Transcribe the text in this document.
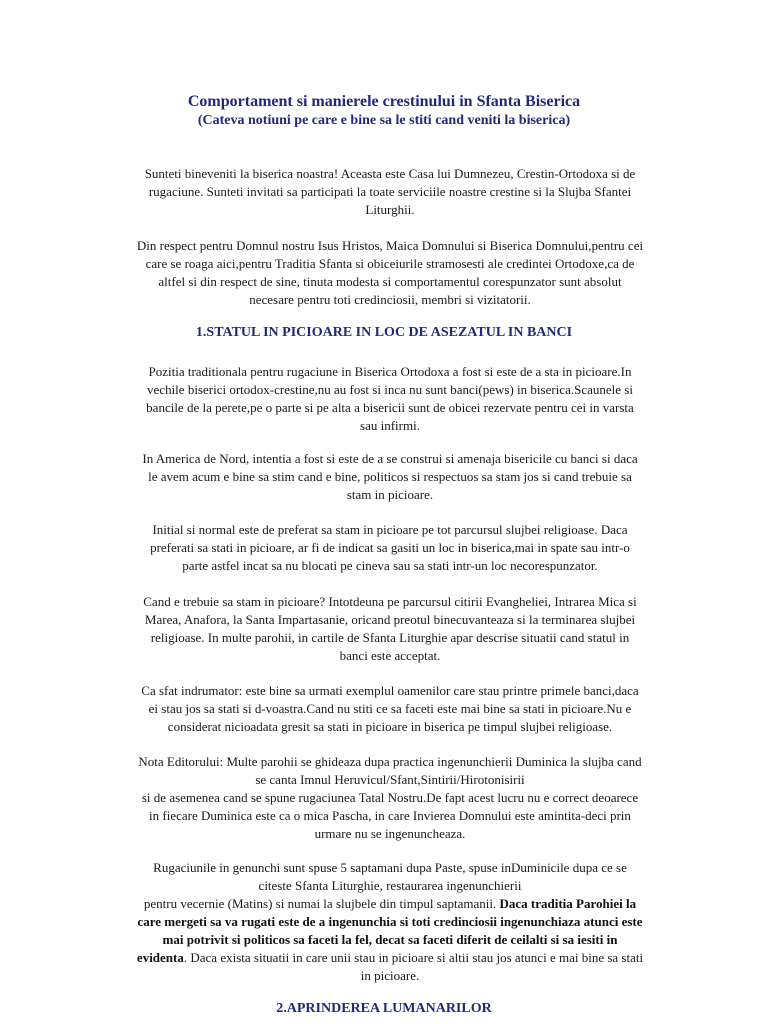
Comportament si manierele crestinului in Sfanta Biserica
(Cateva notiuni pe care e bine sa le stiti cand veniti la biserica)
Sunteti bineveniti la biserica noastra! Aceasta este Casa lui Dumnezeu, Crestin-Ortodoxa si de
rugaciune. Sunteti invitati sa participati la toate serviciile noastre crestine si la Slujba Sfantei
Liturghii.
Din respect pentru Domnul nostru Isus Hristos, Maica Domnului si Biserica Domnului,pentru cei
care se roaga aici,pentru Traditia Sfanta si obiceiurile stramosesti ale credintei Ortodoxe,ca de
altfel si din respect de sine, tinuta modesta si comportamentul corespunzator sunt absolut
necesare pentru toti credinciosii, membri si vizitatorii.
1.STATUL IN PICIOARE IN LOC DE ASEZATUL IN BANCI
Pozitia traditionala pentru rugaciune in Biserica Ortodoxa a fost si este de a sta in picioare.In
vechile biserici ortodox-crestine,nu au fost si inca nu sunt banci(pews) in biserica.Scaunele si
bancile de la perete,pe o parte si pe alta a bisericii sunt de obicei rezervate pentru cei in varsta
sau infirmi.
In America de Nord, intentia a fost si este de a se construi si amenaja bisericile cu banci si daca
le avem acum e bine sa stim cand e bine, politicos si respectuos sa stam jos si cand trebuie sa
stam in picioare.
Initial si normal este de preferat sa stam in picioare pe tot parcursul slujbei religioase. Daca
preferati sa stati in picioare, ar fi de indicat sa gasiti un loc in biserica,mai in spate sau intr-o
parte astfel incat sa nu blocati pe cineva sau sa stati intr-un loc necorespunzator.
Cand e trebuie sa stam in picioare? Intotdeuna pe parcursul citirii Evangheliei, Intrarea Mica si
Marea, Anafora, la Santa Impartasanie, oricand preotul binecuvanteaza si la terminarea slujbei
religioase. In multe parohii, in cartile de Sfanta Liturghie apar descrise situatii cand statul in
banci este acceptat.
Ca sfat indrumator: este bine sa urmati exemplul oamenilor care stau printre primele banci,daca
ei stau jos sa stati si d-voastra.Cand nu stiti ce sa faceti este mai bine sa stati in picioare.Nu e
considerat nicioadata gresit sa stati in picioare in biserica pe timpul slujbei religioase.
Nota Editorului: Multe parohii se ghideaza dupa practica ingenunchierii Duminica la slujba cand
se canta Imnul Heruvicul/Sfant,Sintirii/Hirotonisirii
si de asemenea cand se spune rugaciunea Tatal Nostru.De fapt acest lucru nu e correct deoarece
in fiecare Duminica este ca o mica Pascha, in care Invierea Domnului este amintita-deci prin
urmare nu se ingenuncheaza.
Rugaciunile in genunchi sunt spuse 5 saptamani dupa Paste, spuse inDuminicile dupa ce se
citeste Sfanta Liturghie, restaurarea ingenunchierii
pentru vecernie (Matins) si numai la slujbele din timpul saptamanii. Daca traditia Parohiei la
care mergeti sa va rugati este de a ingenunchia si toti credinciosii ingenunchiaza atunci este
mai potrivit si politicos sa faceti la fel, decat sa faceti diferit de ceilalti si sa iesiti in
evidenta. Daca exista situatii in care unii stau in picioare si altii stau jos atunci e mai bine sa stati
in picioare.
2.APRINDEREA LUMANARILOR
